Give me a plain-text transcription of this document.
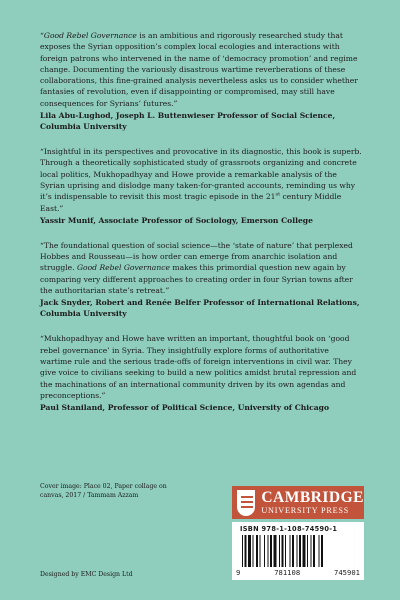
“Good Rebel Governance is an ambitious and rigorously researched study that exposes the Syrian opposition’s complex local ecologies and interactions with foreign patrons who intervened in the name of ‘democracy promotion’ and regime change. Documenting the variously disastrous wartime reverberations of these collaborations, this fine-grained analysis nevertheless asks us to consider whether fantasies of revolution, even if disappointing or compromised, may still have consequences for Syrians’ futures.”

Lila Abu-Lughod, Joseph L. Buttenwieser Professor of Social Science, Columbia University

“Insightful in its perspectives and provocative in its diagnostic, this book is superb. Through a theoretically sophisticated study of grassroots organizing and concrete local politics, Mukhopadhyay and Howe provide a remarkable analysis of the Syrian uprising and dislodge many taken-for-granted accounts, reminding us why it’s indispensable to revisit this most tragic episode in the 21st century Middle East.”

Yassir Munif, Associate Professor of Sociology, Emerson College

“The foundational question of social science—the ‘state of nature’ that perplexed Hobbes and Rousseau—is how order can emerge from anarchic isolation and struggle. Good Rebel Governance makes this primordial question new again by comparing very different approaches to creating order in four Syrian towns after the authoritarian state’s retreat.”

Jack Snyder, Robert and Renée Belfer Professor of International Relations, Columbia University

“Mukhopadhyay and Howe have written an important, thoughtful book on ‘good rebel governance’ in Syria. They insightfully explore forms of authoritative wartime rule and the serious trade-offs of foreign interventions in civil war. They give voice to civilians seeking to build a new politics amidst brutal repression and the machinations of an international community driven by its own agendas and preconceptions.”

Paul Staniland, Professor of Political Science, University of Chicago

Cover image: Place 02, Paper collage on canvas, 2017 / Tammam Azzam
Designed by EMC Design Ltd
CAMBRIDGE
UNIVERSITY PRESS
ISBN 978-1-108-74590-1
9	781108	745901
